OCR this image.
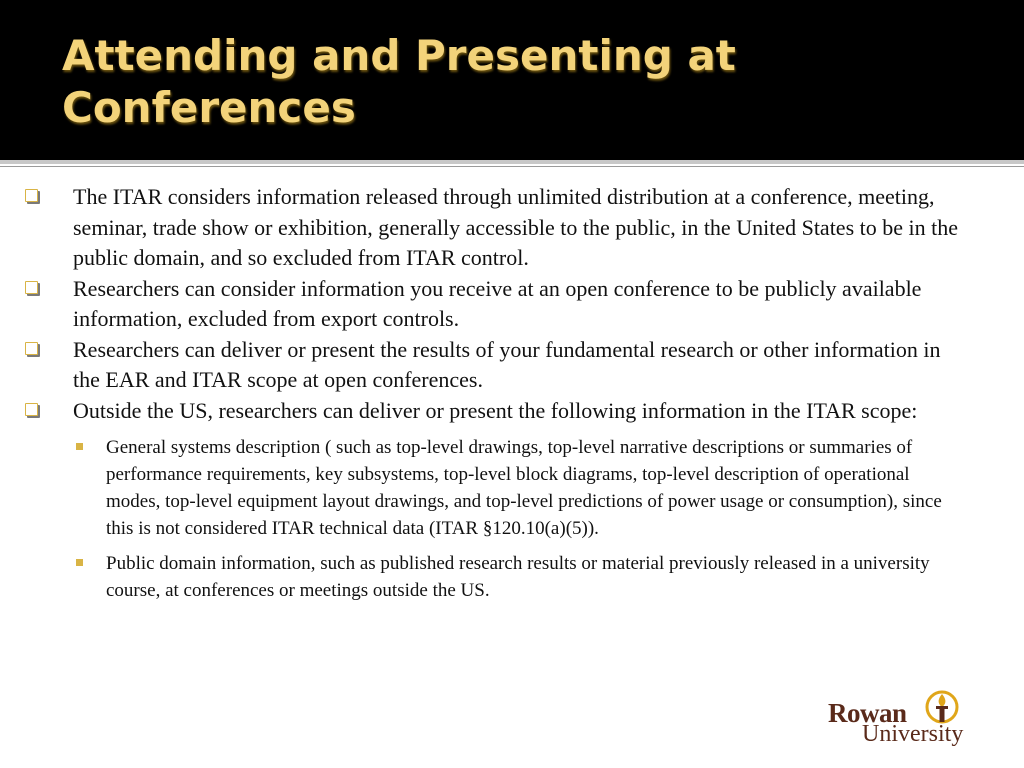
Attending and Presenting at
Conferences

The ITAR considers information released through unlimited distribution at a conference, meeting, seminar, trade show or exhibition, generally accessible to the public, in the United States to be in the public domain, and so excluded from ITAR control.

Researchers can consider information you receive at an open conference to be publicly available information, excluded from export controls.

Researchers can deliver or present the results of your fundamental research or other information in the EAR and ITAR scope at open conferences.

Outside the US, researchers can deliver or present the following information in the ITAR scope:

General systems description ( such as top-level drawings, top-level narrative descriptions or summaries of performance requirements, key subsystems, top-level block diagrams, top-level description of operational modes, top-level equipment layout drawings, and top-level predictions of power usage or consumption), since this is not considered ITAR technical data (ITAR §120.10(a)(5)).

Public domain information, such as published research results or material previously released in a university course, at conferences or meetings outside the US.

Rowan
University
